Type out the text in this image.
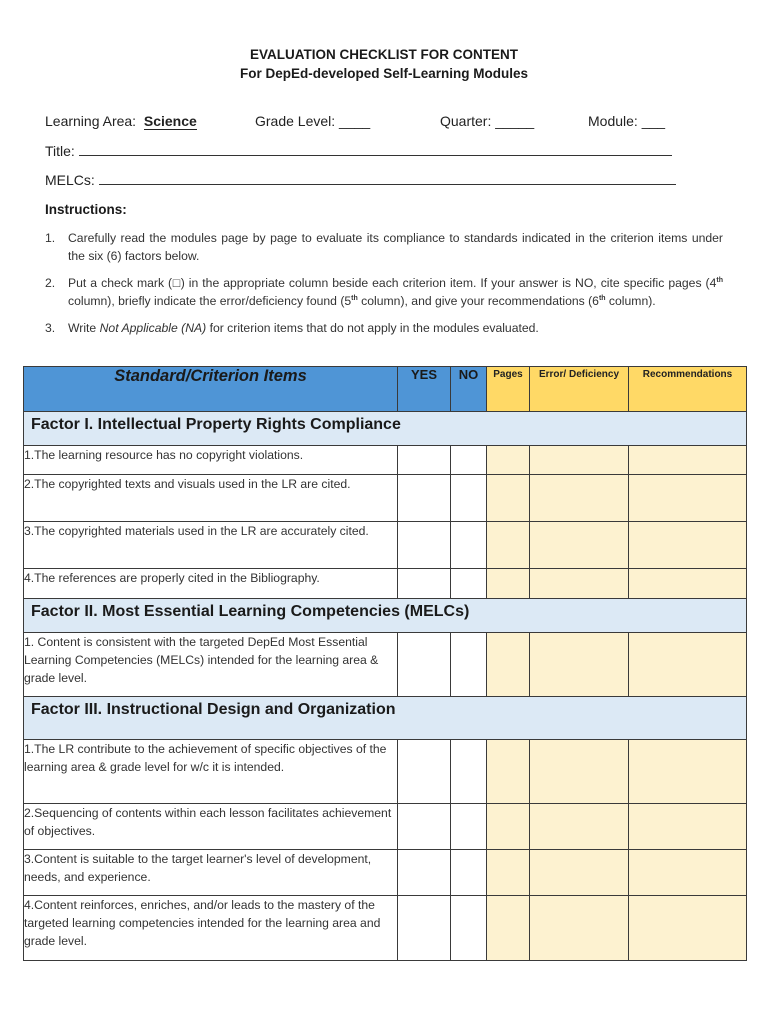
EVALUATION CHECKLIST FOR CONTENT
For DepEd-developed Self-Learning Modules
Learning Area: Science	Grade Level: ____	Quarter: _____	Module: ___
Title:
MELCs:
Instructions:
1. Carefully read the modules page by page to evaluate its compliance to standards indicated in the criterion items under the six (6) factors below.
2. Put a check mark (□) in the appropriate column beside each criterion item. If your answer is NO, cite specific pages (4th column), briefly indicate the error/deficiency found (5th column), and give your recommendations (6th column).
3. Write Not Applicable (NA) for criterion items that do not apply in the modules evaluated.
Standard/Criterion Items	YES	NO	Pages	Error/ Deficiency	Recommendations
Factor I. Intellectual Property Rights Compliance					
1.The learning resource has no copyright violations.					
2.The copyrighted texts and visuals used in the LR are cited.					
3.The copyrighted materials used in the LR are accurately cited.					
4.The references are properly cited in the Bibliography.					
Factor II. Most Essential Learning Competencies (MELCs)					
1. Content is consistent with the targeted DepEd Most Essential Learning Competencies (MELCs) intended for the learning area & grade level.					
Factor III. Instructional Design and Organization					
1.The LR contribute to the achievement of specific objectives of the learning area & grade level for w/c it is intended.					
2.Sequencing of contents within each lesson facilitates achievement of objectives.					
3.Content is suitable to the target learner's level of development, needs, and experience.					
4.Content reinforces, enriches, and/or leads to the mastery of the targeted learning competencies intended for the learning area and grade level.					
